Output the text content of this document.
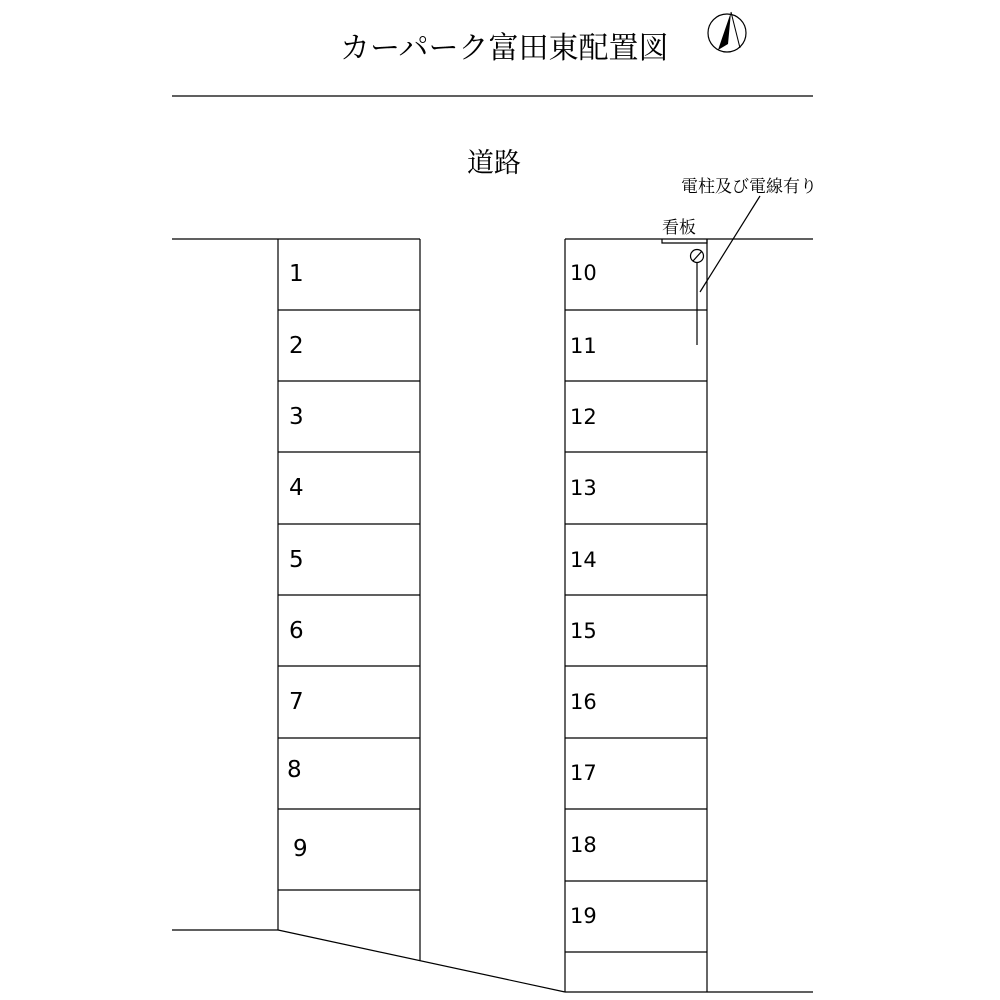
カーパーク富田東配置図
道路
1
2
3
4
5
6
7
8
9
10
11
12
13
14
15
16
17
18
19
看板
電柱及び電線有り
